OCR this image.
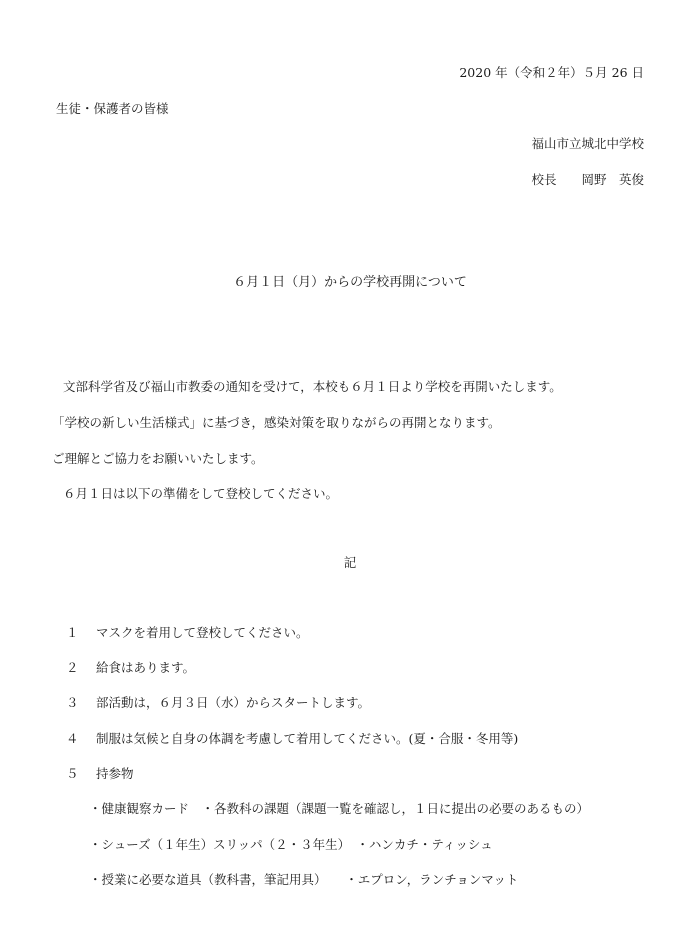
2020 年（令和２年）５月 26 日
生徒・保護者の皆様
福山市立城北中学校
校長　　岡野　英俊
６月１日（月）からの学校再開について
文部科学省及び福山市教委の通知を受けて，本校も６月１日より学校を再開いたします。
「学校の新しい生活様式」に基づき，感染対策を取りながらの再開となります。
ご理解とご協力をお願いいたします。
６月１日は以下の準備をして登校してください。
記
１ マスクを着用して登校してください。
２ 給食はあります。
３ 部活動は，６月３日（水）からスタートします。
４ 制服は気候と自身の体調を考慮して着用してください。(夏・合服・冬用等)
５ 持参物
・健康観察カード　・各教科の課題（課題一覧を確認し，１日に提出の必要のあるもの）
・シューズ（１年生）スリッパ（２・３年生）　・ハンカチ・ティッシュ
・授業に必要な道具（教科書，筆記用具）　　・エプロン，ランチョンマット
